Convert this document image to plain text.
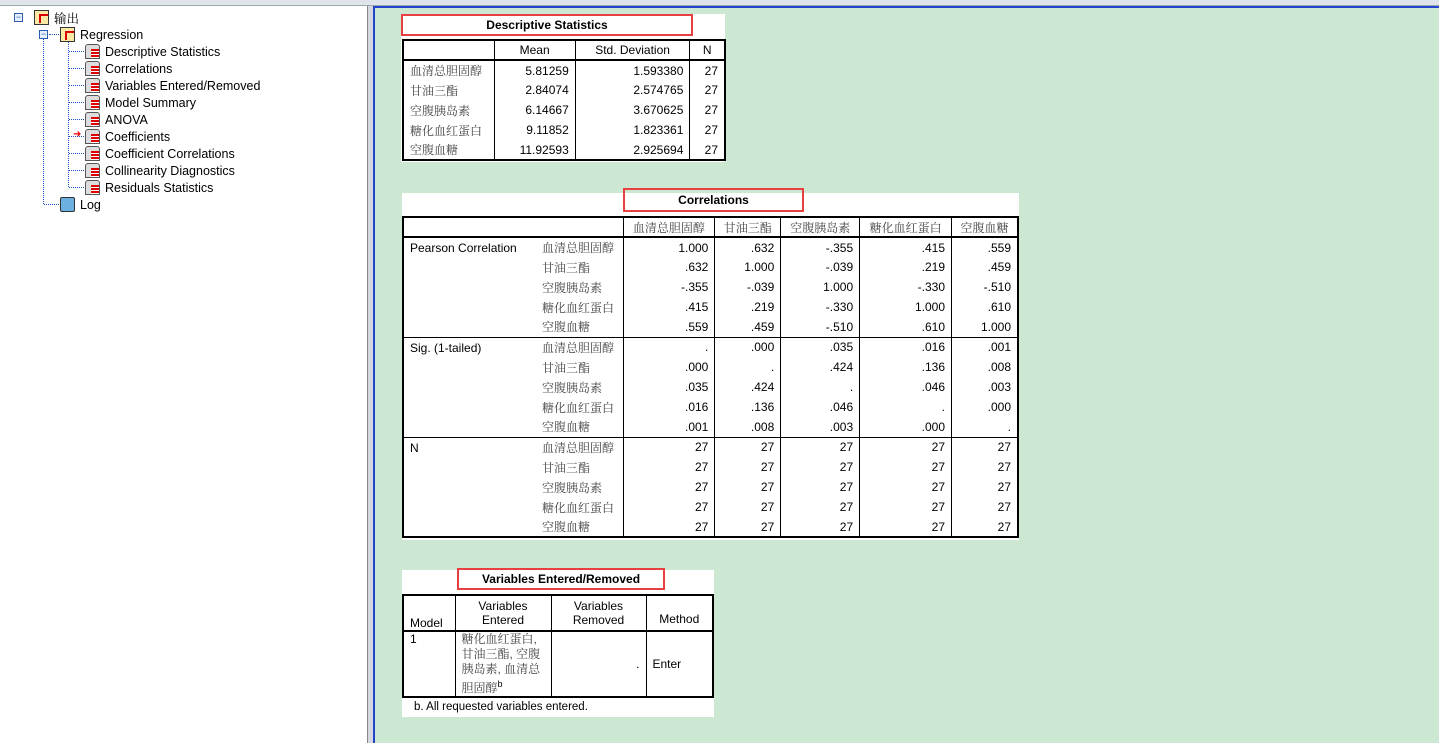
−	输出
−	Regression
Descriptive Statistics
Correlations
Variables Entered/Removed
Model Summary
ANOVA
➜ Coefficients
Coefficient Correlations
Collinearity Diagnostics
Residuals Statistics
Log
Descriptive Statistics
	Mean	Std. Deviation	N
血清总胆固醇	5.81259	1.593380	27
甘油三酯	2.84074	2.574765	27
空腹胰岛素	6.14667	3.670625	27
糖化血红蛋白	9.11852	1.823361	27
空腹血糖	11.92593	2.925694	27
Correlations
		血清总胆固醇	甘油三酯	空腹胰岛素	糖化血红蛋白	空腹血糖
Pearson Correlation	血清总胆固醇	1.000	.632	-.355	.415	.559
	甘油三酯	.632	1.000	-.039	.219	.459
	空腹胰岛素	-.355	-.039	1.000	-.330	-.510
	糖化血红蛋白	.415	.219	-.330	1.000	.610
	空腹血糖	.559	.459	-.510	.610	1.000
Sig. (1-tailed)	血清总胆固醇	.	.000	.035	.016	.001
	甘油三酯	.000	.	.424	.136	.008
	空腹胰岛素	.035	.424	.	.046	.003
	糖化血红蛋白	.016	.136	.046	.	.000
	空腹血糖	.001	.008	.003	.000	.
N	血清总胆固醇	27	27	27	27	27
	甘油三酯	27	27	27	27	27
	空腹胰岛素	27	27	27	27	27
	糖化血红蛋白	27	27	27	27	27
	空腹血糖	27	27	27	27	27
Variables Entered/Removed
Model	Variables Entered	Variables Removed	Method
1	糖化血红蛋白, 甘油三酯, 空腹胰岛素, 血清总胆固醇$^b$	.	Enter
b. All requested variables entered.
